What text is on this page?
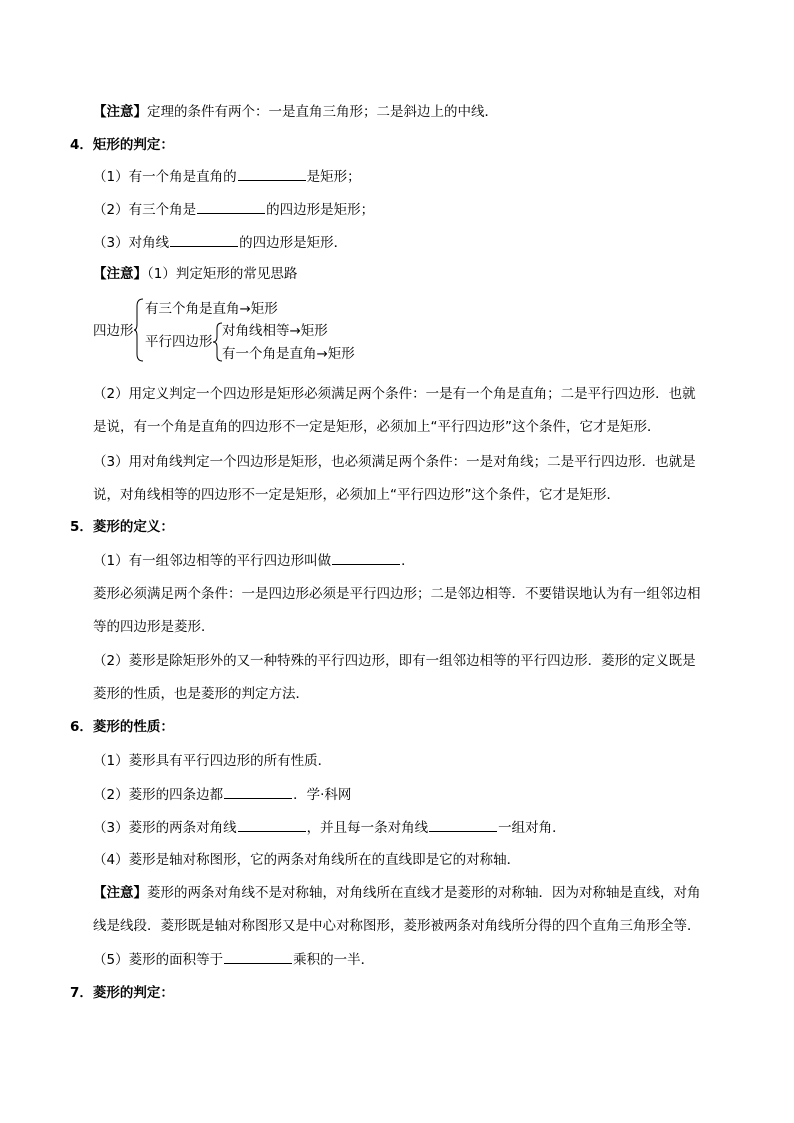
【注意】定理的条件有两个：一是直角三角形；二是斜边上的中线．
4．矩形的判定：
（1）有一个角是直角的	是矩形；
（2）有三个角是	的四边形是矩形；
（3）对角线	的四边形是矩形．
【注意】（1）判定矩形的常见思路
四边形
有三个角是直角→矩形
平行四边形
对角线相等→矩形
有一个角是直角→矩形
（2）用定义判定一个四边形是矩形必须满足两个条件：一是有一个角是直角；二是平行四边形．也就
是说，有一个角是直角的四边形不一定是矩形，必须加上“平行四边形”这个条件，它才是矩形．
（3）用对角线判定一个四边形是矩形，也必须满足两个条件：一是对角线；二是平行四边形．也就是
说，对角线相等的四边形不一定是矩形，必须加上“平行四边形”这个条件，它才是矩形．
5．菱形的定义：
（1）有一组邻边相等的平行四边形叫做	．
菱形必须满足两个条件：一是四边形必须是平行四边形；二是邻边相等．不要错误地认为有一组邻边相
等的四边形是菱形．
（2）菱形是除矩形外的又一种特殊的平行四边形，即有一组邻边相等的平行四边形．菱形的定义既是
菱形的性质，也是菱形的判定方法．
6．菱形的性质：
（1）菱形具有平行四边形的所有性质．
（2）菱形的四条边都	．学·科网
（3）菱形的两条对角线	，并且每一条对角线	一组对角．
（4）菱形是轴对称图形，它的两条对角线所在的直线即是它的对称轴．
【注意】菱形的两条对角线不是对称轴，对角线所在直线才是菱形的对称轴．因为对称轴是直线，对角
线是线段．菱形既是轴对称图形又是中心对称图形，菱形被两条对角线所分得的四个直角三角形全等．
（5）菱形的面积等于	乘积的一半．
7．菱形的判定：
